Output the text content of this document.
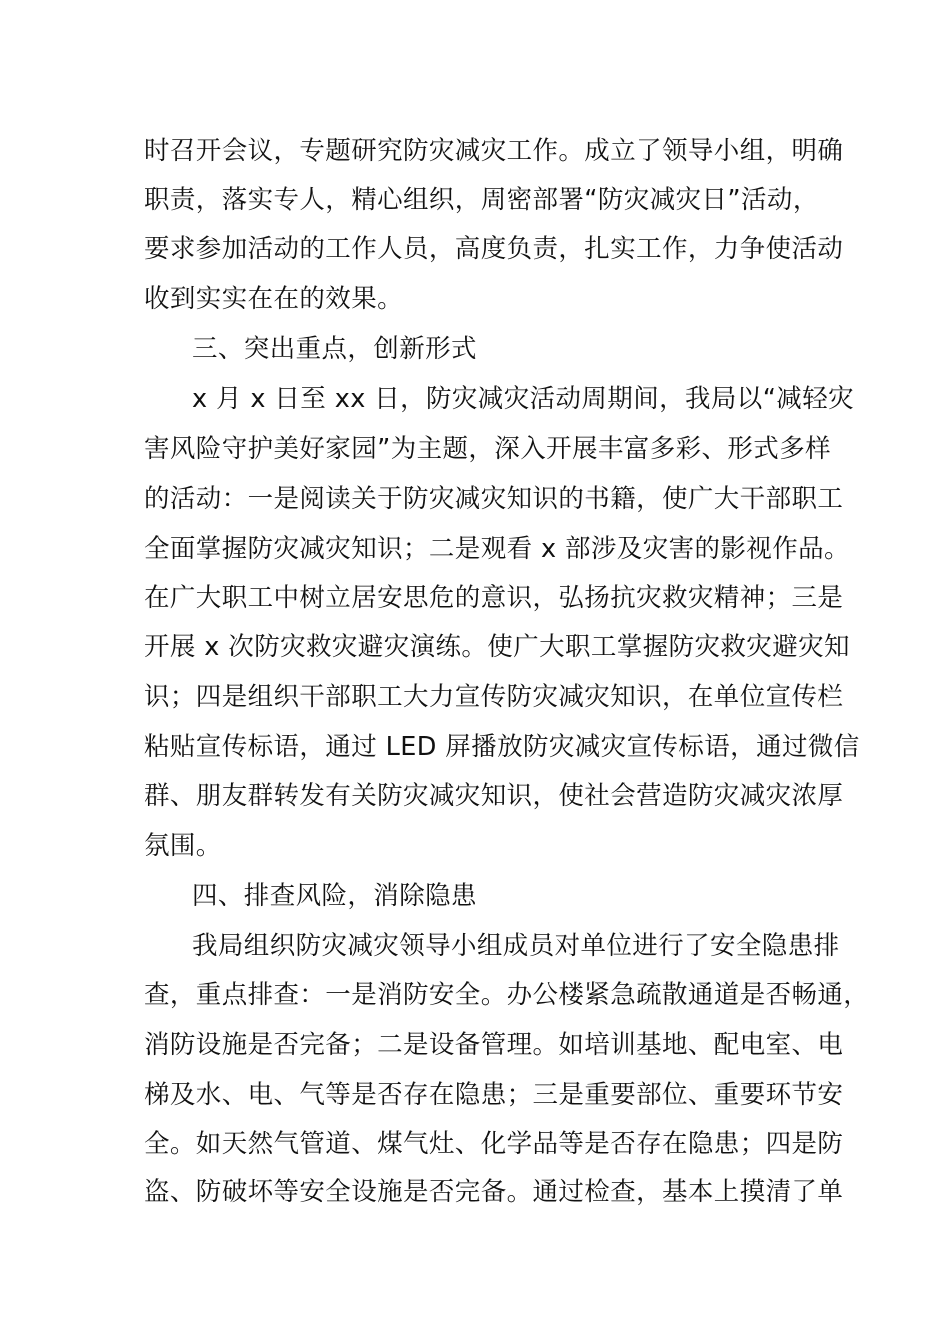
时召开会议，专题研究防灾减灾工作。成立了领导小组，明确
职责，落实专人，精心组织，周密部署“防灾减灾日”活动，
要求参加活动的工作人员，高度负责，扎实工作，力争使活动
收到实实在在的效果。
三、突出重点，创新形式
x 月 x 日至 xx 日，防灾减灾活动周期间，我局以“减轻灾
害风险守护美好家园”为主题，深入开展丰富多彩、形式多样
的活动：一是阅读关于防灾减灾知识的书籍，使广大干部职工
全面掌握防灾减灾知识；二是观看 x 部涉及灾害的影视作品。
在广大职工中树立居安思危的意识，弘扬抗灾救灾精神；三是
开展 x 次防灾救灾避灾演练。使广大职工掌握防灾救灾避灾知
识；四是组织干部职工大力宣传防灾减灾知识，在单位宣传栏
粘贴宣传标语，通过 LED 屏播放防灾减灾宣传标语，通过微信
群、朋友群转发有关防灾减灾知识，使社会营造防灾减灾浓厚
氛围。
四、排查风险，消除隐患
我局组织防灾减灾领导小组成员对单位进行了安全隐患排
查，重点排查：一是消防安全。办公楼紧急疏散通道是否畅通，
消防设施是否完备；二是设备管理。如培训基地、配电室、电
梯及水、电、气等是否存在隐患；三是重要部位、重要环节安
全。如天然气管道、煤气灶、化学品等是否存在隐患；四是防
盗、防破坏等安全设施是否完备。通过检查，基本上摸清了单
